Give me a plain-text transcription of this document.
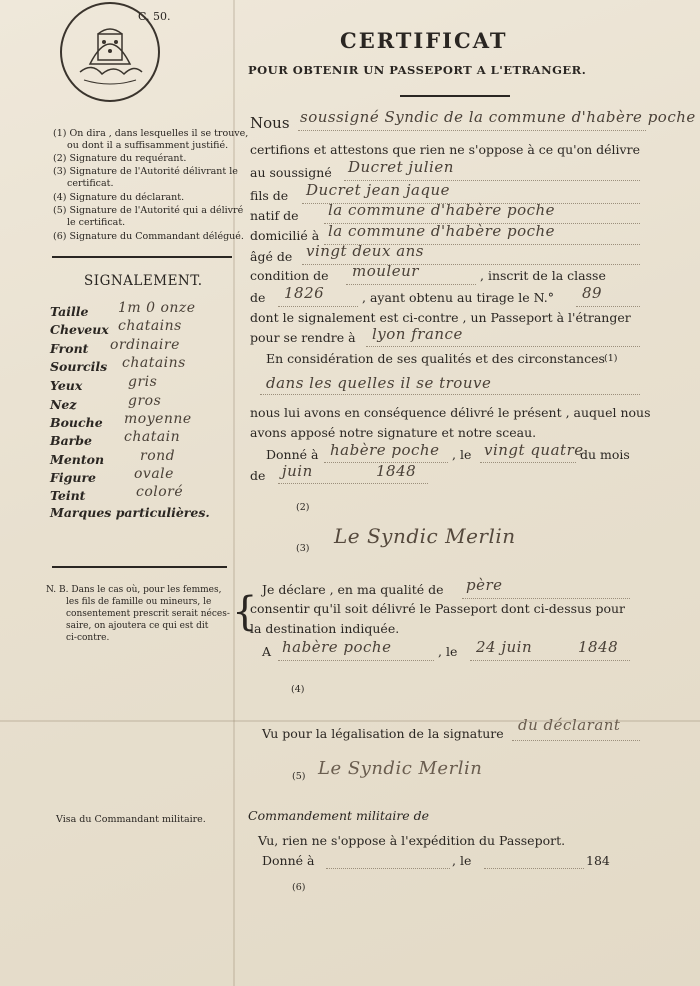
C. 50.
CERTIFICAT
POUR OBTENIR UN PASSEPORT A L'ETRANGER.
(1) On dira , dans lesquelles il se trouve,
ou dont il a suffisamment justifié.
(2) Signature du requérant.
(3) Signature de l'Autorité délivrant le
certificat.
(4) Signature du déclarant.
(5) Signature de l'Autorité qui a délivré
le certificat.
(6) Signature du Commandant délégué.
SIGNALEMENT.
Taille 1m 0 onze
Cheveux chatains
Front ordinaire
Sourcils chatains
Yeux	gris
Nez	gros
Bouche moyenne
Barbe chatain
Menton	rond
Figure	ovale
Teint	coloré
Marques particulières.
N. B. Dans le cas où, pour les femmes,
les fils de famille ou mineurs, le
consentement prescrit serait néces-
saire, on ajoutera ce qui est dit
ci-contre.
{
Nous soussigné Syndic de la commune d'habère poche
certifions et attestons que rien ne s'oppose à ce qu'on délivre
au soussigné Ducret julien
fils de Ducret jean jaque
natif de la commune d'habère poche
domicilié à la commune d'habère poche
âgé de vingt deux ans
condition de mouleur	, inscrit de la classe
de 1826	, ayant obtenu au tirage le N.° 89
dont le signalement est ci-contre , un Passeport à l'étranger
pour se rendre à lyon france
En considération de ses qualités et des circonstances (1)
dans les quelles il se trouve
nous lui avons en conséquence délivré le présent , auquel nous
avons apposé notre signature et notre sceau.
Donné à habère poche , le vingt quatre
du mois
de juin	1848
(2)
(3)
Le Syndic Merlin
Je déclare , en ma qualité de père
consentir qu'il soit délivré le Passeport dont ci-dessus pour
la destination indiquée.
A habère poche	, le 24 juin	1848
(4)
Vu pour la légalisation de la signature du déclarant
(5) Le Syndic Merlin
Visa du Commandant militaire.	Commandement militaire de
Vu, rien ne s'oppose à l'expédition du Passeport.
Donné à	, le	184
(6)
